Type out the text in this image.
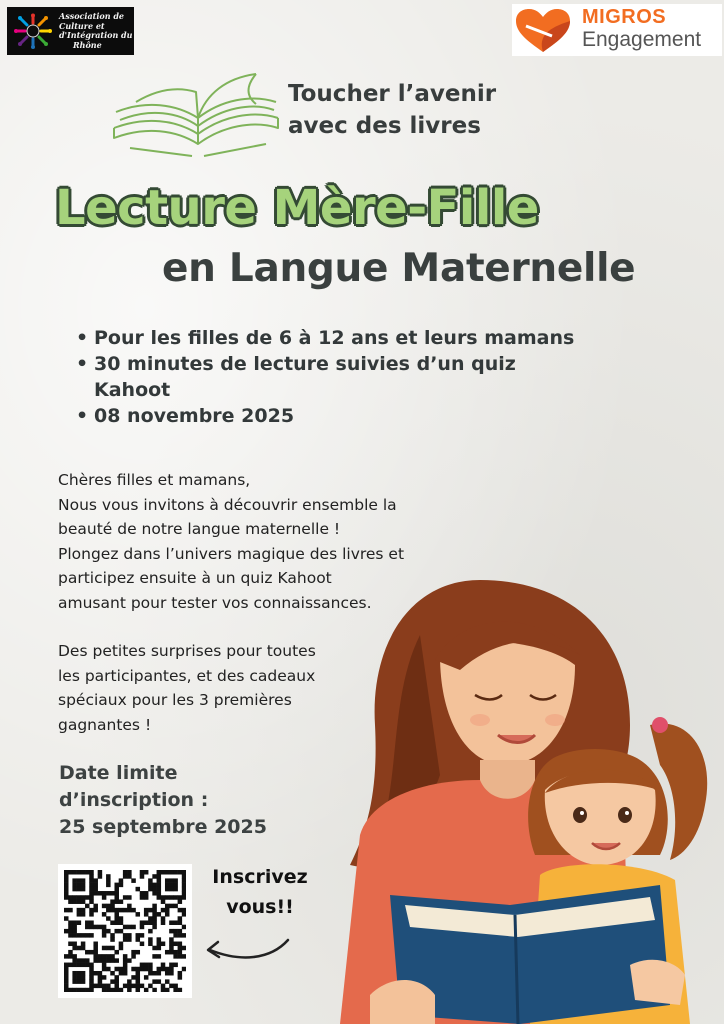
Association de
Culture et
d'Intégration du
Rhône
MIGROS
Engagement
Toucher l’avenir
avec des livres
Lecture Mère-Fille
en Langue Maternelle
• Pour les filles de 6 à 12 ans et leurs mamans
• 30 minutes de lecture suivies d’un quiz Kahoot
• 08 novembre 2025

Chères filles et mamans,
Nous vous invitons à découvrir ensemble la
beauté de notre langue maternelle !
Plongez dans l’univers magique des livres et
participez ensuite à un quiz Kahoot
amusant pour tester vos connaissances.

Des petites surprises pour toutes
les participantes, et des cadeaux
spéciaux pour les 3 premières
gagnantes !

Date limite
d’inscription :
25 septembre 2025
Inscrivez
vous!!
